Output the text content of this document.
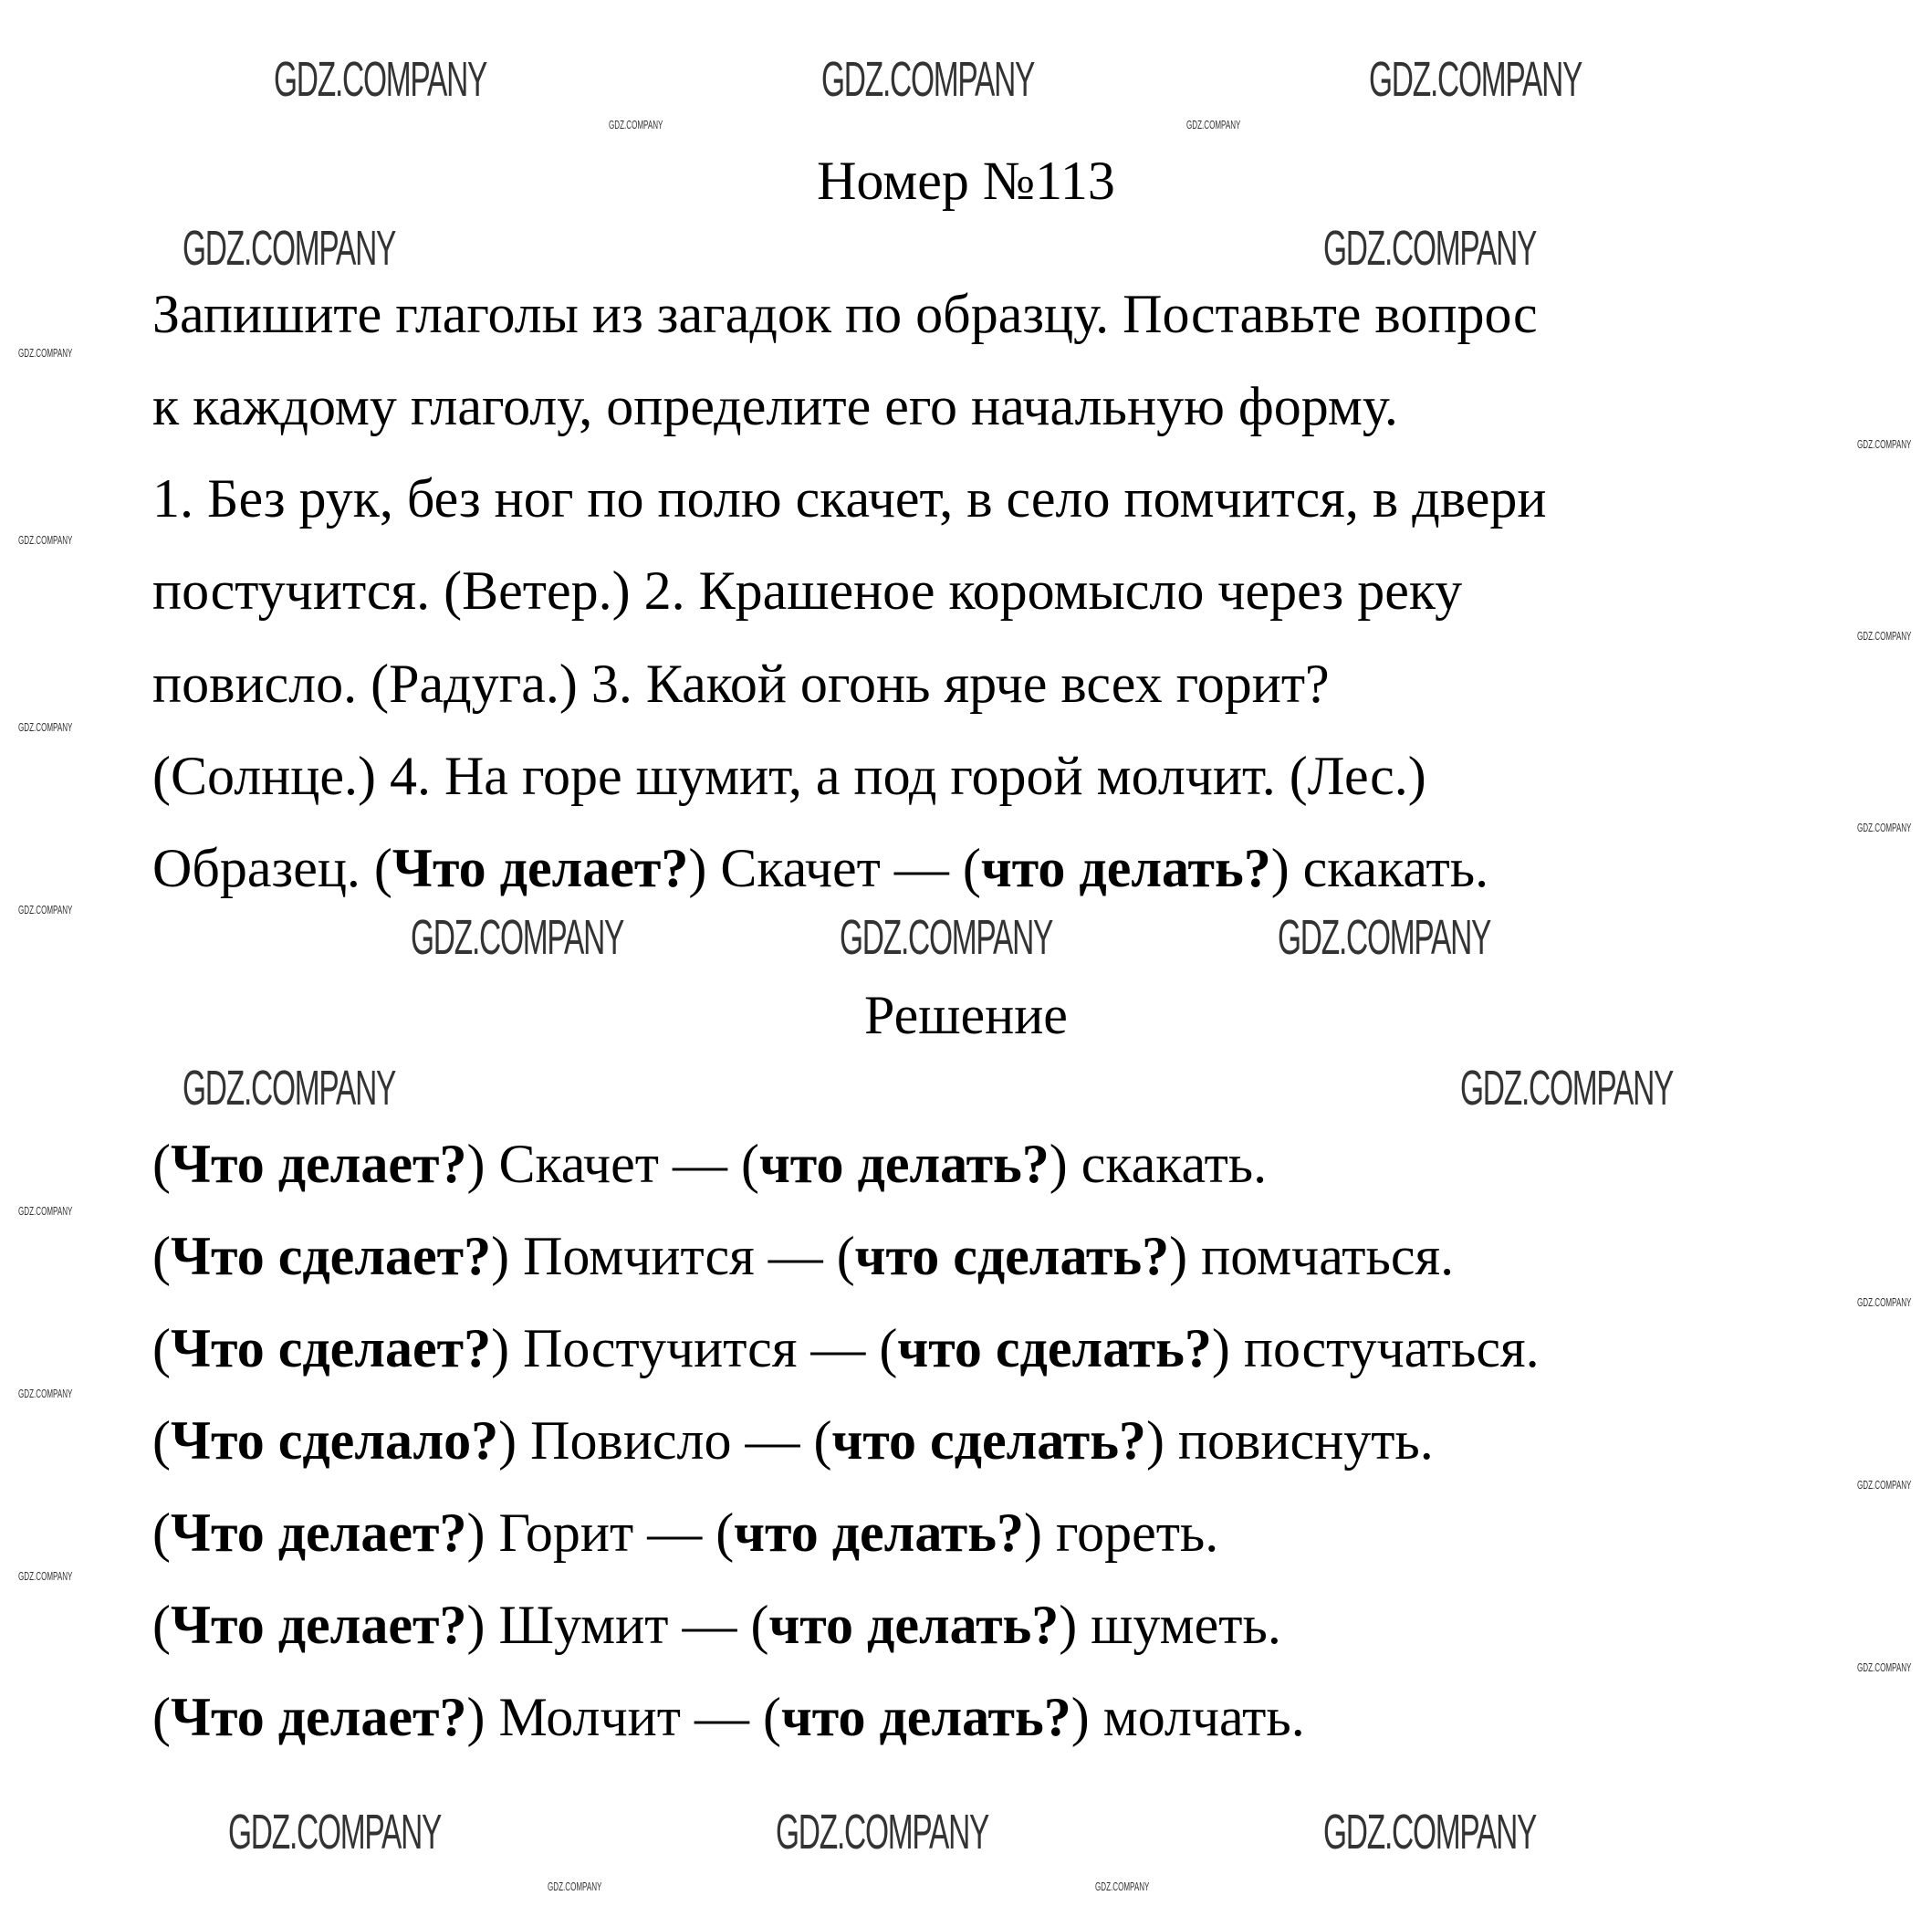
Номер №113
Запишите глаголы из загадок по образцу. Поставьте вопрос
к каждому глаголу, определите его начальную форму.
1. Без рук, без ног по полю скачет, в село помчится, в двери
постучится. (Ветер.) 2. Крашеное коромысло через реку
повисло. (Радуга.) 3. Какой огонь ярче всех горит?
(Солнце.) 4. На горе шумит, а под горой молчит. (Лес.)
Образец. (Что делает?) Скачет — (что делать?) скакать.
Решение
(Что делает?) Скачет — (что делать?) скакать.
(Что сделает?) Помчится — (что сделать?) помчаться.
(Что сделает?) Постучится — (что сделать?) постучаться.
(Что сделало?) Повисло — (что сделать?) повиснуть.
(Что делает?) Горит — (что делать?) гореть.
(Что делает?) Шумит — (что делать?) шуметь.
(Что делает?) Молчит — (что делать?) молчать.
GDZ.COMPANY	GDZ.COMPANY	GDZ.COMPANY
GDZ.COMPANY	GDZ.COMPANY
GDZ.COMPANY	GDZ.COMPANY	GDZ.COMPANY
GDZ.COMPANY	GDZ.COMPANY
GDZ.COMPANY	GDZ.COMPANY	GDZ.COMPANY
GDZ.COMPANY	GDZ.COMPANY
GDZ.COMPANY
GDZ.COMPANY
GDZ.COMPANY
GDZ.COMPANY
GDZ.COMPANY
GDZ.COMPANY
GDZ.COMPANY
GDZ.COMPANY
GDZ.COMPANY
GDZ.COMPANY
GDZ.COMPANY
GDZ.COMPANY
GDZ.COMPANY
GDZ.COMPANY	GDZ.COMPANY
